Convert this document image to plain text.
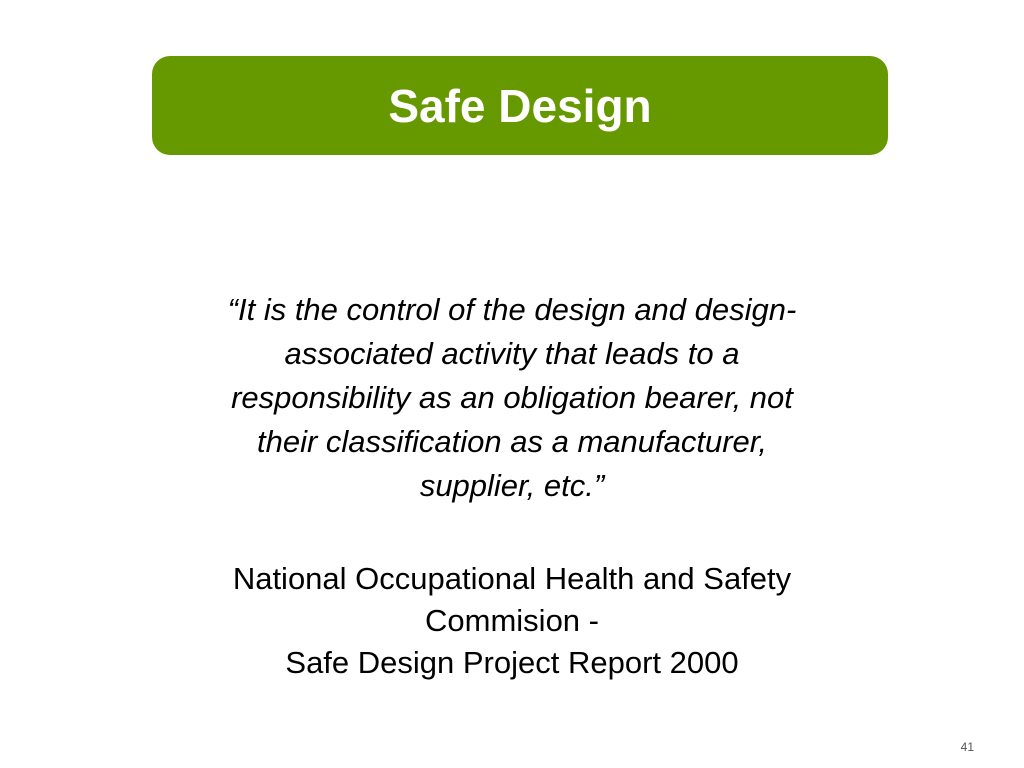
Safe Design
“It is the control of the design and design-
associated activity that leads to a
responsibility as an obligation bearer, not
their classification as a manufacturer,
supplier, etc.”
National Occupational Health and Safety
Commision -
Safe Design Project Report 2000
41
